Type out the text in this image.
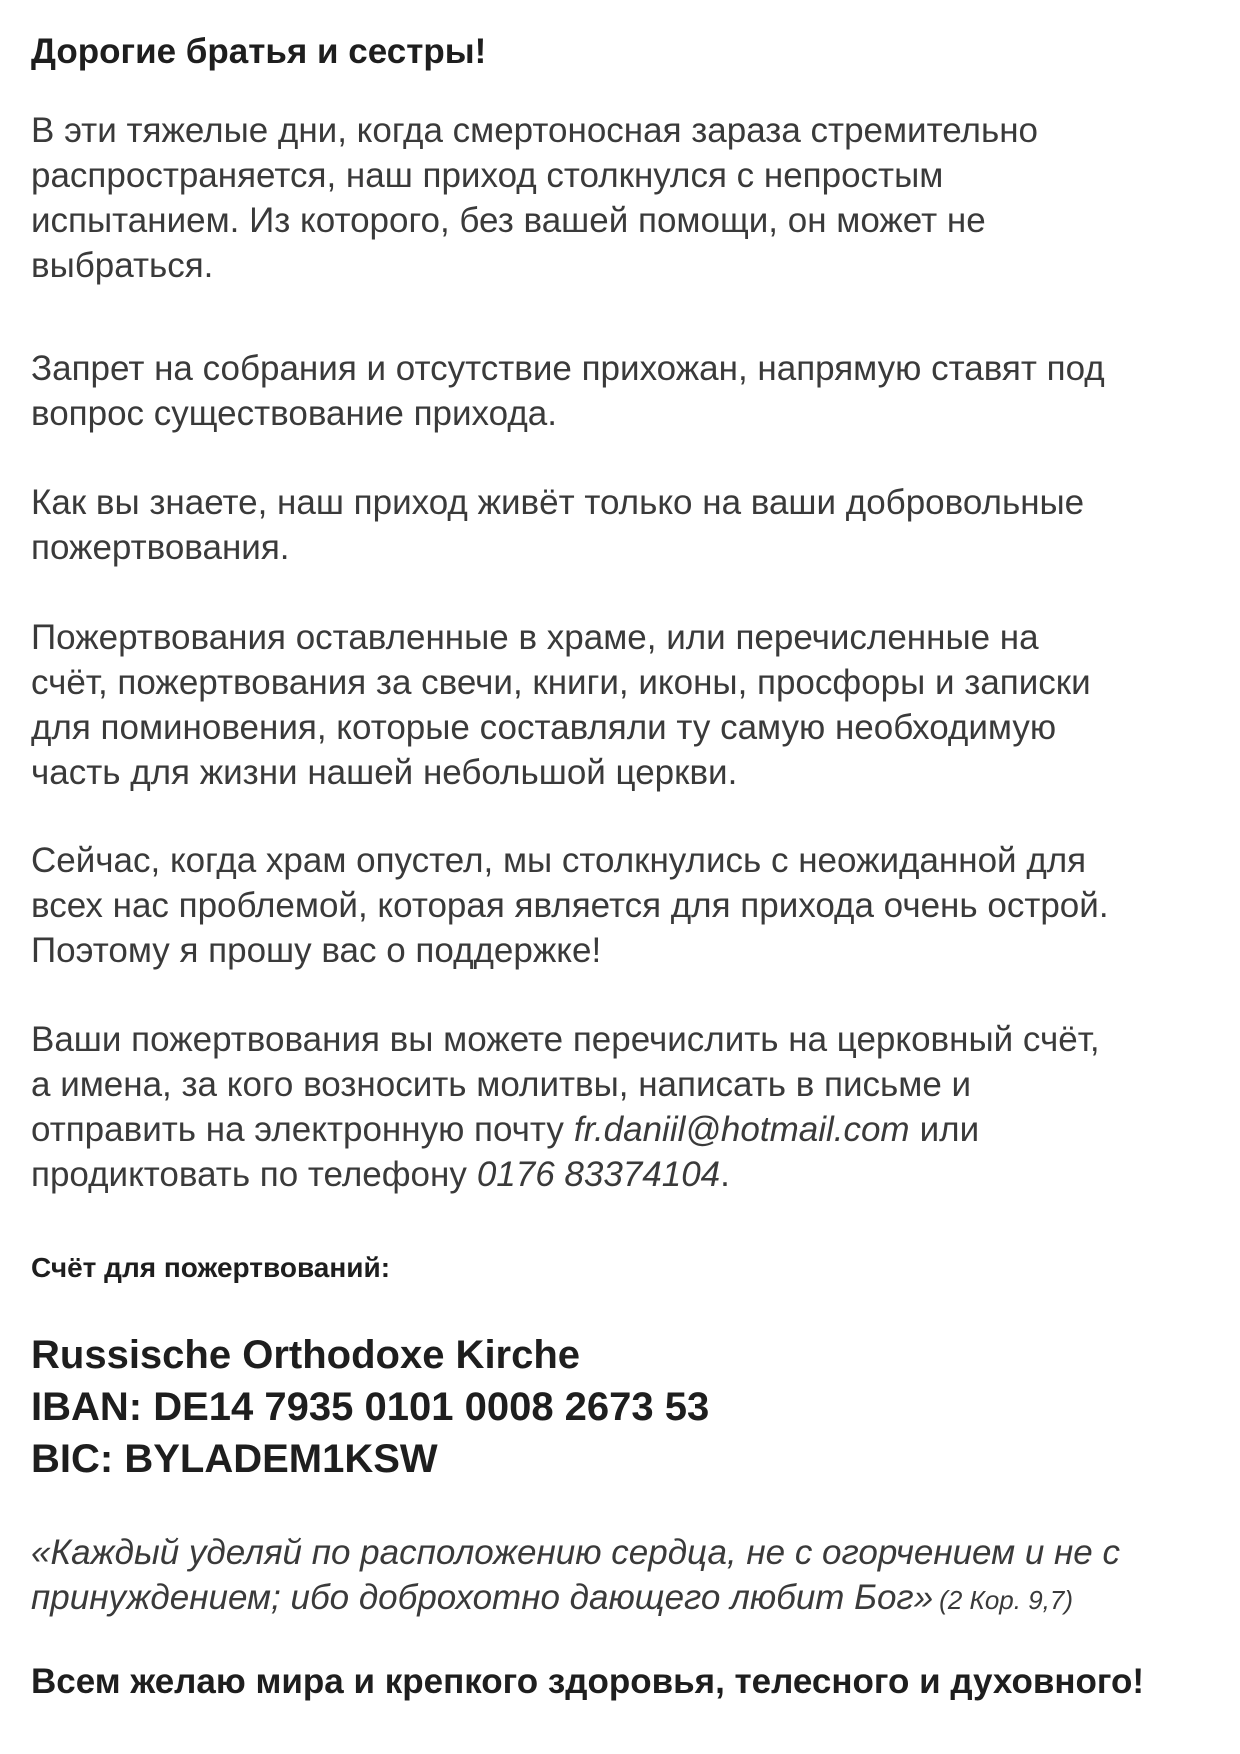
Дорогие братья и сестры!
В эти тяжелые дни, когда смертоносная зараза стремительно
распространяется, наш приход столкнулся с непростым
испытанием. Из которого, без вашей помощи, он может не
выбраться.
Запрет на собрания и отсутствие прихожан, напрямую ставят под
вопрос существование прихода.
Как вы знаете, наш приход живёт только на ваши добровольные
пожертвования.
Пожертвования оставленные в храме, или перечисленные на
счёт, пожертвования за свечи, книги, иконы, просфоры и записки
для поминовения, которые составляли ту самую необходимую
часть для жизни нашей небольшой церкви.
Сейчас, когда храм опустел, мы столкнулись с неожиданной для
всех нас проблемой, которая является для прихода очень острой.
Поэтому я прошу вас о поддержке!
Ваши пожертвования вы можете перечислить на церковный счёт,
а имена, за кого возносить молитвы, написать в письме и
отправить на электронную почту fr.daniil@hotmail.com или
продиктовать по телефону 0176 83374104.
Счёт для пожертвований:
Russische Orthodoxe Kirche
IBAN: DE14 7935 0101 0008 2673 53
BIC: BYLADEM1KSW
«Каждый уделяй по расположению сердца, не с огорчением и не с
принуждением; ибо доброхотно дающего любит Бог» (2 Кор. 9,7)
Всем желаю мира и крепкого здоровья, телесного и духовного!
